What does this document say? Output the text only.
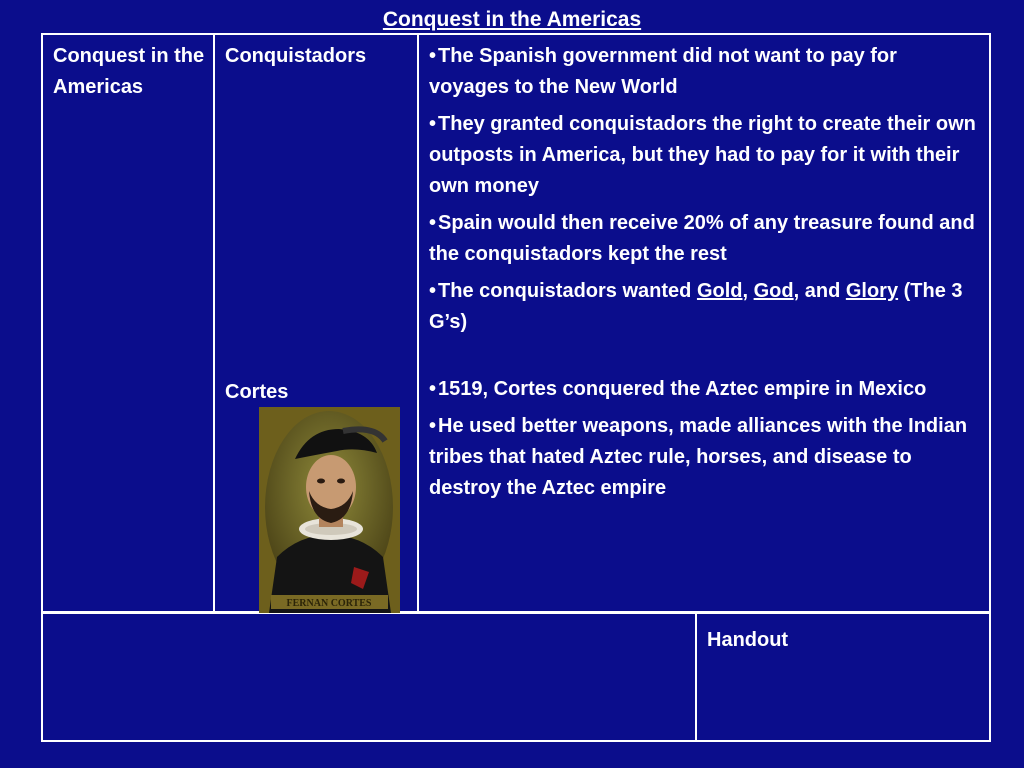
Conquest in the Americas
Conquest in the Americas
Conquistadors
Cortes
FERNAN CORTES
• The Spanish government did not want to pay for voyages to the New World
• They granted conquistadors the right to create their own outposts in America, but they had to pay for it with their own money
• Spain would then receive 20% of any treasure found and the conquistadors kept the rest
• The conquistadors wanted Gold, God, and Glory (The 3 G’s)
• 1519, Cortes conquered the Aztec empire in Mexico
• He used better weapons, made alliances with the Indian tribes that hated Aztec rule, horses, and disease to destroy the Aztec empire
Handout
